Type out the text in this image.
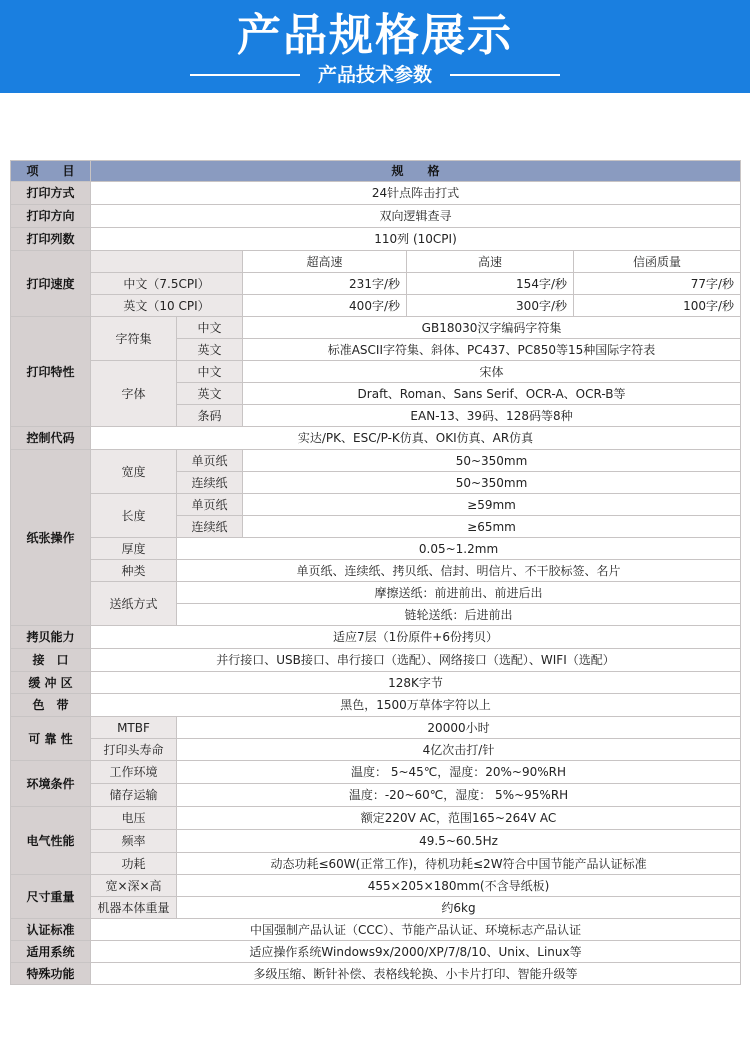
产品规格展示
产品技术参数
项　　目	规　　格				
打印方式	24针点阵击打式				
打印方向	双向逻辑查寻				
打印列数	110列 (10CPI)				
打印速度			超高速	高速	信函质量
	中文（7.5CPI）		231字/秒	154字/秒	77字/秒
	英文（10 CPI）		400字/秒	300字/秒	100字/秒
打印特性	字符集	中文	GB18030汉字编码字符集		
		英文	标准ASCII字符集、斜体、PC437、PC850等15种国际字符表		
	字体	中文	宋体		
		英文	Draft、Roman、Sans Serif、OCR-A、OCR-B等		
		条码	EAN-13、39码、128码等8种		
控制代码	实达/PK、ESC/P-K仿真、OKI仿真、AR仿真				
纸张操作	宽度	单页纸	50~350mm		
		连续纸	50~350mm		
	长度	单页纸	≥59mm		
		连续纸	≥65mm		
	厚度	0.05~1.2mm			
	种类	单页纸、连续纸、拷贝纸、信封、明信片、不干胶标签、名片			
	送纸方式	摩擦送纸：前进前出、前进后出			
		链轮送纸：后进前出			
拷贝能力	适应7层（1份原件+6份拷贝）				
接　口	并行接口、USB接口、串行接口（选配）、网络接口（选配）、WIFI（选配）				
缓 冲 区	128K字节				
色　带	黑色，1500万草体字符以上				
可 靠 性	MTBF	20000小时			
	打印头寿命	4亿次击打/针			
环境条件	工作环境	温度： 5~45℃，湿度：20%~90%RH			
	储存运输	温度：-20~60℃，湿度： 5%~95%RH			
电气性能	电压	额定220V AC，范围165~264V AC			
	频率	49.5~60.5Hz			
	功耗	动态功耗≤60W(正常工作)，待机功耗≤2W符合中国节能产品认证标准			
尺寸重量	宽×深×高	455×205×180mm(不含导纸板)			
	机器本体重量	约6kg			
认证标准	中国强制产品认证（CCC）、节能产品认证、环境标志产品认证				
适用系统	适应操作系统Windows9x/2000/XP/7/8/10、Unix、Linux等				
特殊功能	多级压缩、断针补偿、表格线轮换、小卡片打印、智能升级等				
